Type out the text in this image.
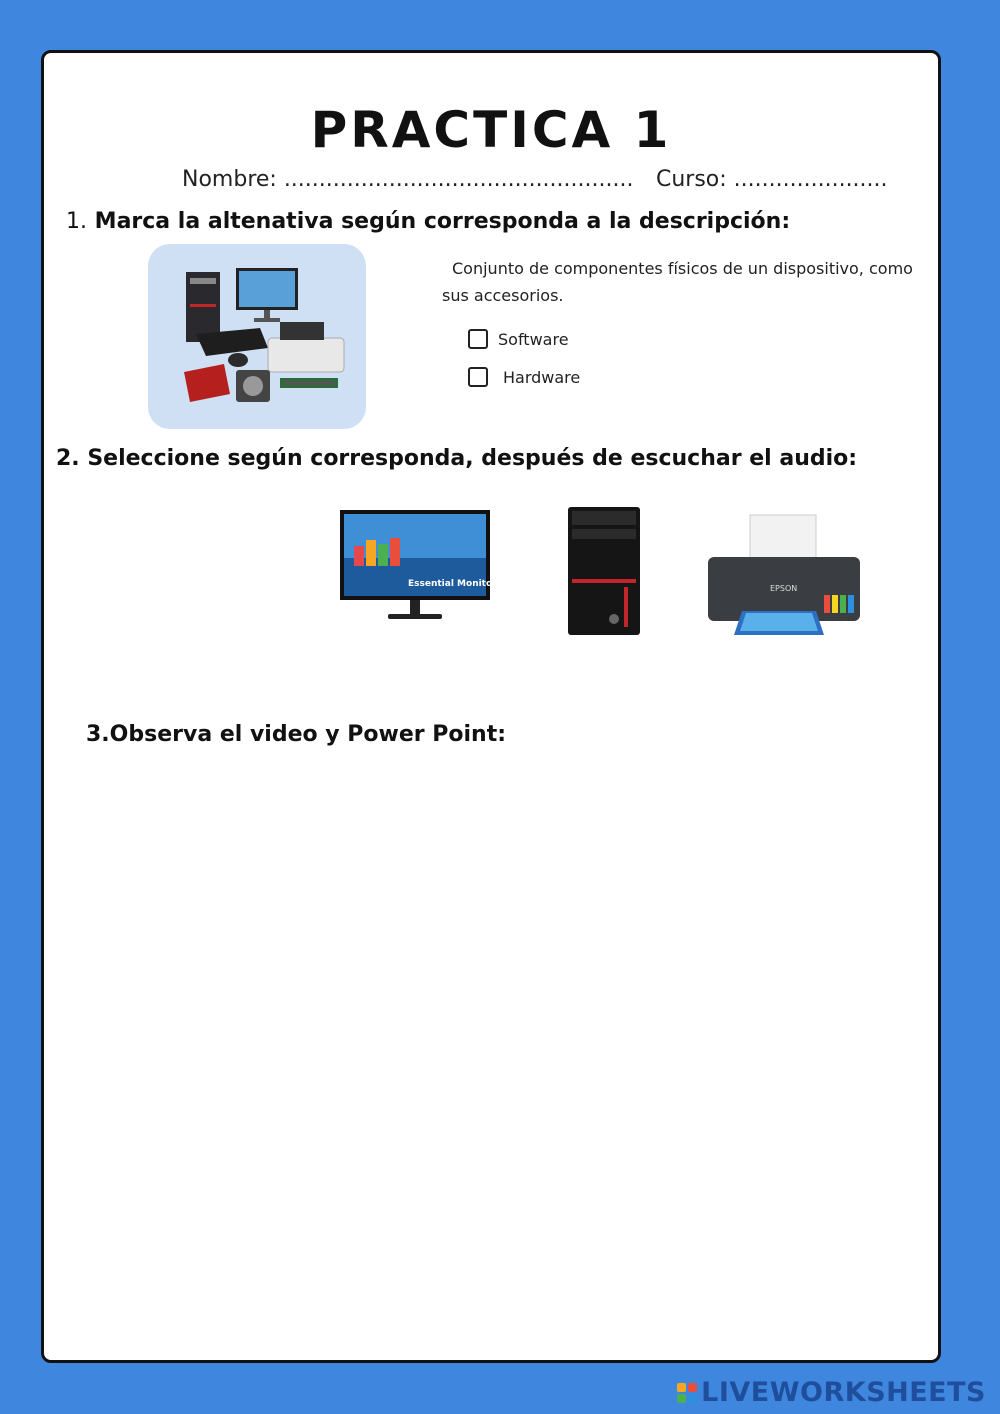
PRACTICA 1
Nombre: .................................................. Curso: ......................
1. Marca la altenativa según corresponda a la descripción:
Conjunto de componentes físicos de un dispositivo, como sus accesorios.
Software
Hardware
2. Seleccione según corresponda, después de escuchar el audio:
Essential Monitor	EPSON
3.Observa el video y Power Point:
LIVEWORKSHEETS
